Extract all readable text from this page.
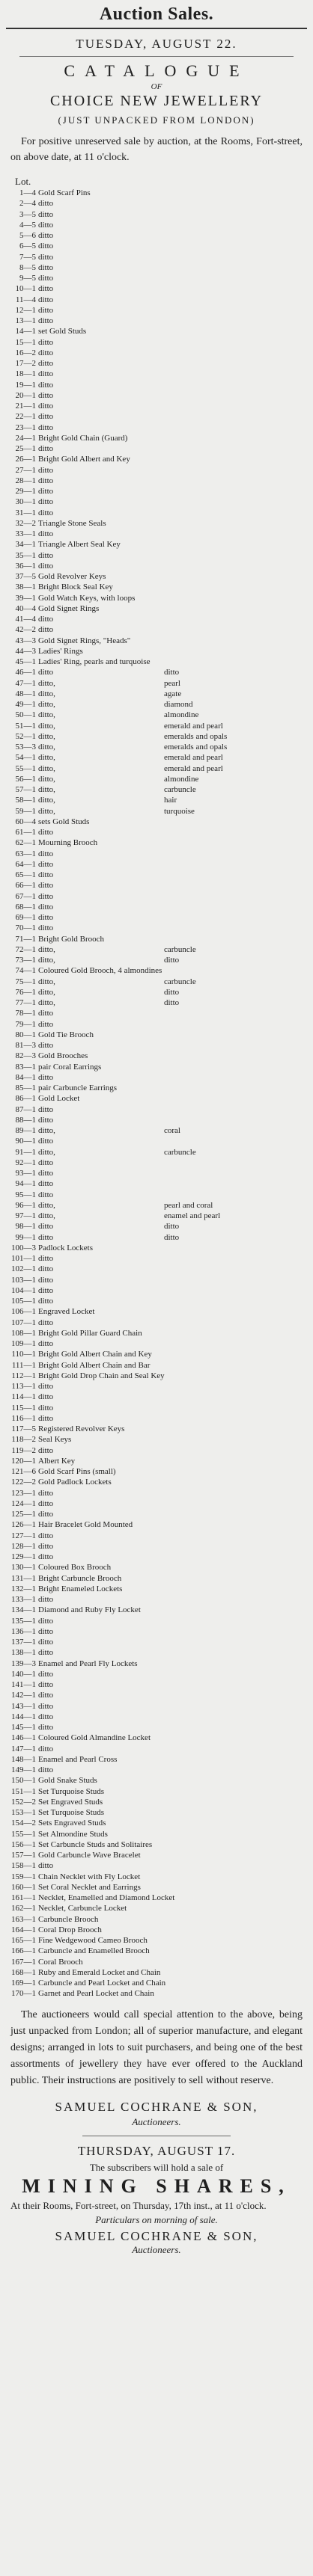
Auction Sales.
TUESDAY, AUGUST 22.
CATALOGUE
OF
CHOICE NEW JEWELLERY
(JUST UNPACKED FROM LONDON)
For positive unreserved sale by auction, at the Rooms, Fort-street, on above date, at 11 o'clock.
Lot.
1—4 Gold Scarf Pins
2—4 ditto
3—5 ditto
4—5 ditto
5—6 ditto
6—5 ditto
7—5 ditto
8—5 ditto
9—5 ditto
10—1 ditto
11—4 ditto
12—1 ditto
13—1 ditto
14—1 set Gold Studs
15—1 ditto
16—2 ditto
17—2 ditto
18—1 ditto
19—1 ditto
20—1 ditto
21—1 ditto
22—1 ditto
23—1 ditto
24—1 Bright Gold Chain (Guard)
25—1 ditto
26—1 Bright Gold Albert and Key
27—1 ditto
28—1 ditto
29—1 ditto
30—1 ditto
31—1 ditto
32—2 Triangle Stone Seals
33—1 ditto
34—1 Triangle Albert Seal Key
35—1 ditto
36—1 ditto
37—5 Gold Revolver Keys
38—1 Bright Block Seal Key
39—1 Gold Watch Keys, with loops
40—4 Gold Signet Rings
41—4 ditto
42—2 ditto
43—3 Gold Signet Rings, "Heads"
44—3 Ladies' Rings
45—1 Ladies' Ring, pearls and turquoise
46—1 ditto	ditto
47—1 ditto,	pearl
48—1 ditto,	agate
49—1 ditto,	diamond
50—1 ditto,	almondine
51—1 ditto,	emerald and pearl
52—1 ditto,	emeralds and opals
53—3 ditto,	emeralds and opals
54—1 ditto,	emerald and pearl
55—1 ditto,	emerald and pearl
56—1 ditto,	almondine
57—1 ditto,	carbuncle
58—1 ditto,	hair
59—1 ditto,	turquoise
60—4 sets Gold Studs
61—1 ditto
62—1 Mourning Brooch
63—1 ditto
64—1 ditto
65—1 ditto
66—1 ditto
67—1 ditto
68—1 ditto
69—1 ditto
70—1 ditto
71—1 Bright Gold Brooch
72—1 ditto,	carbuncle
73—1 ditto,	ditto
74—1 Coloured Gold Brooch, 4 almondines
75—1 ditto,	carbuncle
76—1 ditto,	ditto
77—1 ditto,	ditto
78—1 ditto
79—1 ditto
80—1 Gold Tie Brooch
81—3 ditto
82—3 Gold Brooches
83—1 pair Coral Earrings
84—1 ditto
85—1 pair Carbuncle Earrings
86—1 Gold Locket
87—1 ditto
88—1 ditto
89—1 ditto,	coral
90—1 ditto
91—1 ditto,	carbuncle
92—1 ditto
93—1 ditto
94—1 ditto
95—1 ditto
96—1 ditto,	pearl and coral
97—1 ditto,	enamel and pearl
98—1 ditto	ditto
99—1 ditto	ditto
100—3 Padlock Lockets
101—1 ditto
102—1 ditto
103—1 ditto
104—1 ditto
105—1 ditto
106—1 Engraved Locket
107—1 ditto
108—1 Bright Gold Pillar Guard Chain
109—1 ditto
110—1 Bright Gold Albert Chain and Key
111—1 Bright Gold Albert Chain and Bar
112—1 Bright Gold Drop Chain and Seal Key
113—1 ditto
114—1 ditto
115—1 ditto
116—1 ditto
117—5 Registered Revolver Keys
118—2 Seal Keys
119—2 ditto
120—1 Albert Key
121—6 Gold Scarf Pins (small)
122—2 Gold Padlock Lockets
123—1 ditto
124—1 ditto
125—1 ditto
126—1 Hair Bracelet Gold Mounted
127—1 ditto
128—1 ditto
129—1 ditto
130—1 Coloured Box Brooch
131—1 Bright Carbuncle Brooch
132—1 Bright Enameled Lockets
133—1 ditto
134—1 Diamond and Ruby Fly Locket
135—1 ditto
136—1 ditto
137—1 ditto
138—1 ditto
139—3 Enamel and Pearl Fly Lockets
140—1 ditto
141—1 ditto
142—1 ditto
143—1 ditto
144—1 ditto
145—1 ditto
146—1 Coloured Gold Almandine Locket
147—1 ditto
148—1 Enamel and Pearl Cross
149—1 ditto
150—1 Gold Snake Studs
151—1 Set Turquoise Studs
152—2 Set Engraved Studs
153—1 Set Turquoise Studs
154—2 Sets Engraved Studs
155—1 Set Almondine Studs
156—1 Set Carbuncle Studs and Solitaires
157—1 Gold Carbuncle Wave Bracelet
158—1 ditto
159—1 Chain Necklet with Fly Locket
160—1 Set Coral Necklet and Earrings
161—1 Necklet, Enamelled and Diamond Locket
162—1 Necklet, Carbuncle Locket
163—1 Carbuncle Brooch
164—1 Coral Drop Brooch
165—1 Fine Wedgewood Cameo Brooch
166—1 Carbuncle and Enamelled Brooch
167—1 Coral Brooch
168—1 Ruby and Emerald Locket and Chain
169—1 Carbuncle and Pearl Locket and Chain
170—1 Garnet and Pearl Locket and Chain
The auctioneers would call special attention to the above, being just unpacked from London; all of superior manufacture, and elegant designs; arranged in lots to suit purchasers, and being one of the best assortments of jewellery they have ever offered to the Auckland public. Their instructions are positively to sell without reserve.
SAMUEL COCHRANE & SON,
Auctioneers.
THURSDAY, AUGUST 17.
The subscribers will hold a sale of
MINING SHARES,
At their Rooms, Fort-street, on Thursday, 17th inst., at 11 o'clock.
Particulars on morning of sale.
SAMUEL COCHRANE & SON,
Auctioneers.
